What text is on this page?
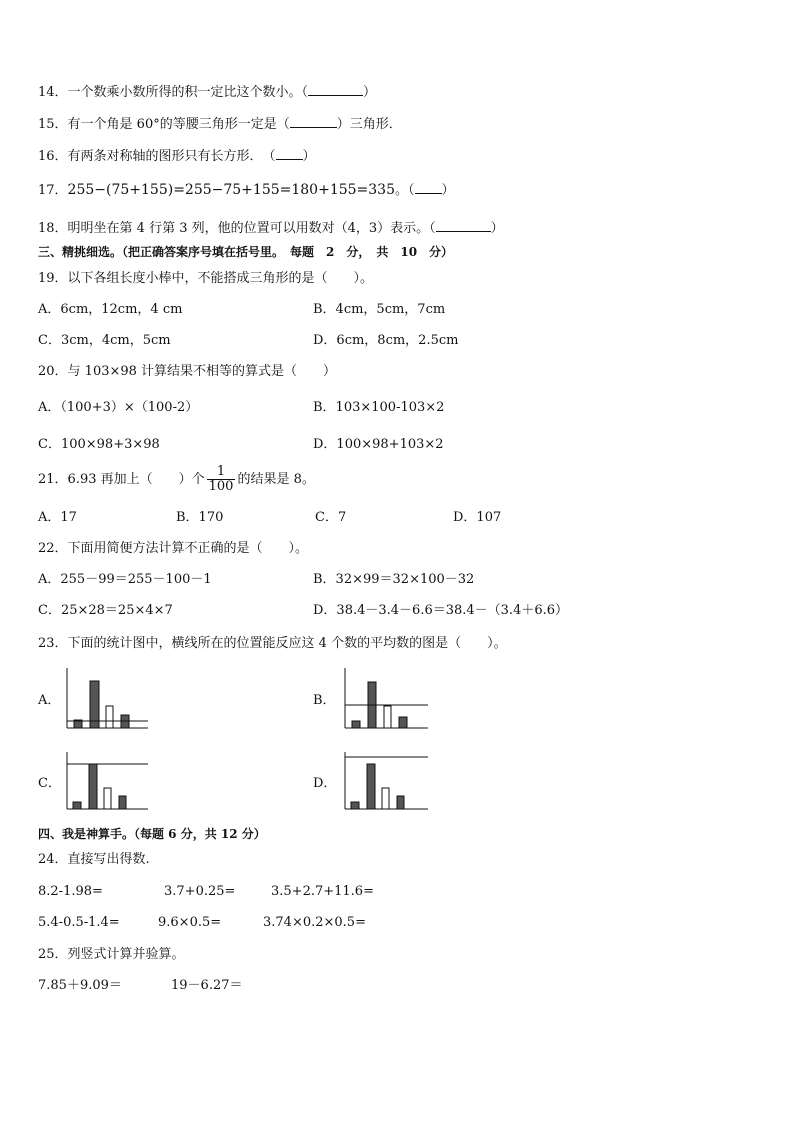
14．一个数乘小数所得的积一定比这个数小。（	）
15．有一个角是 60°的等腰三角形一定是（	）三角形．
16．有两条对称轴的图形只有长方形．　（ ）
17．255−(75+155)=255−75+155=180+155=335。（ ）
18．明明坐在第 4 行第 3 列，他的位置可以用数对（4，3）表示。（	）
三、精挑细选。（把正确答案序号填在括号里。　每题　2　分，　共　10　分）
19．以下各组长度小棒中，不能搭成三角形的是（　　）。
A．6cm，12cm，4 cm	B．4cm，5cm，7cm
C．3cm，4cm，5cm	D．6cm，8cm，2.5cm
20．与 103×98 计算结果不相等的算式是（　　）
A．（100+3）×（100-2）	B．103×100-103×2
C．100×98+3×98	D．100×98+103×2
21．6.93 再加上（　　）个 $\frac{1}{100}$ 的结果是 8。
A．17	B．170	C．7	D．107
22．下面用简便方法计算不正确的是（　　）。
A．255－99＝255－100－1	B．32×99＝32×100－32
C．25×28＝25×4×7	D．38.4－3.4－6.6＝38.4－（3.4＋6.6）
23．下面的统计图中，横线所在的位置能反应这 4 个数的平均数的图是（　　）。
A．	B．
C．	D．
四、我是神算手。（每题 6 分，共 12 分）
24．直接写出得数.
8.2-1.98=	3.7+0.25=	3.5+2.7+11.6=
5.4-0.5-1.4=	9.6×0.5=	3.74×0.2×0.5=
25．列竖式计算并验算。
7.85＋9.09＝	19－6.27＝
